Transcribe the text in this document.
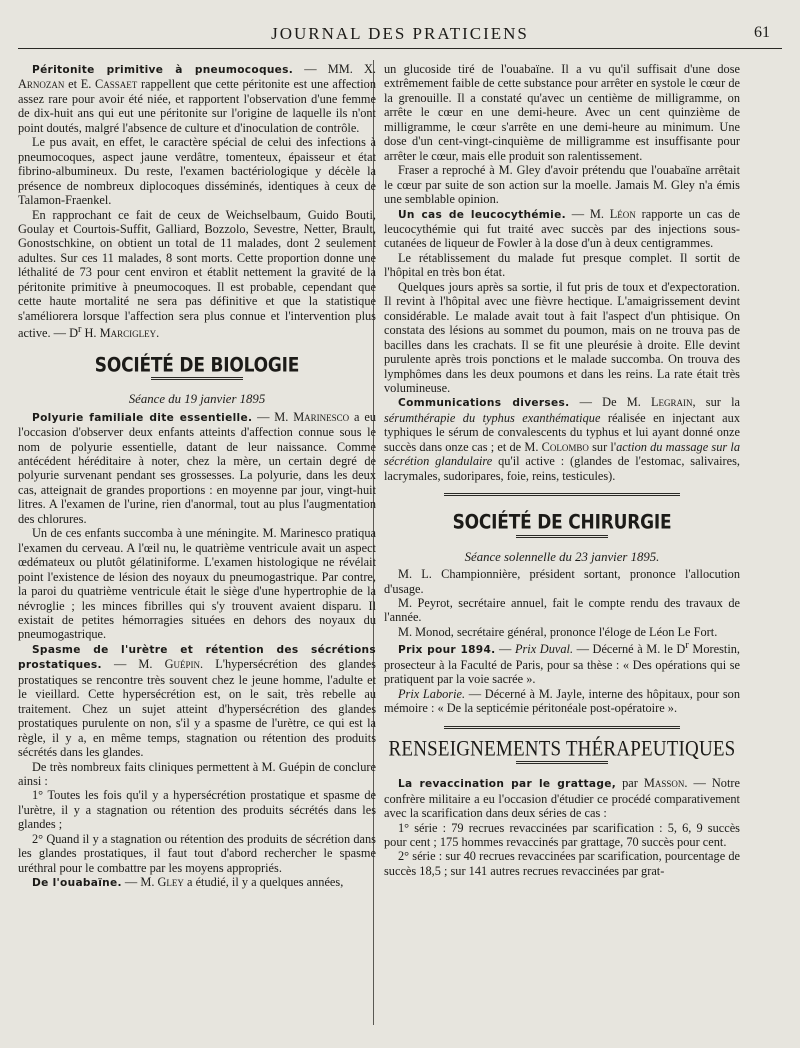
JOURNAL DES PRATICIENS	61

Péritonite primitive à pneumocoques. — MM. X. Arnozan et E. Cassaet rappellent que cette péritonite est une affection assez rare pour avoir été niée, et rapportent l'observation d'une femme de dix-huit ans qui eut une péritonite sur l'origine de laquelle ils n'ont point doutés, malgré l'absence de culture et d'inoculation de contrôle.

Le pus avait, en effet, le caractère spécial de celui des infections à pneumocoques, aspect jaune verdâtre, tomenteux, épaisseur et état fibrino-albumineux. Du reste, l'examen bactériologique y décèle la présence de nombreux diplocoques disséminés, identiques à ceux de Talamon-Fraenkel.

En rapprochant ce fait de ceux de Weichselbaum, Guido Bouti, Goulay et Courtois-Suffit, Galliard, Bozzolo, Sevestre, Netter, Brault, Gonostschkine, on obtient un total de 11 malades, dont 2 seulement adultes. Sur ces 11 malades, 8 sont morts. Cette proportion donne une léthalité de 73 pour cent environ et établit nettement la gravité de la péritonite primitive à pneumocoques. Il est probable, cependant que cette haute mortalité ne sera pas définitive et que la statistique s'améliorera lorsque l'affection sera plus connue et l'intervention plus active. — $D^r$ H. Marcigley.

SOCIÉTÉ DE BIOLOGIE
Séance du 19 janvier 1895

Polyurie familiale dite essentielle. — M. Marinesco a eu l'occasion d'observer deux enfants atteints d'affection connue sous le nom de polyurie essentielle, datant de leur naissance. Comme antécédent héréditaire à noter, chez la mère, un certain degré de polyurie survenant pendant ses grossesses. La polyurie, dans les deux cas, atteignait de grandes proportions : en moyenne par jour, vingt-huit litres. A l'examen de l'urine, rien d'anormal, tout au plus l'augmentation des chlorures.

Un de ces enfants succomba à une méningite. M. Marinesco pratiqua l'examen du cerveau. A l'œil nu, le quatrième ventricule avait un aspect œdémateux ou plutôt gélatiniforme. L'examen histologique ne révélait point l'existence de lésion des noyaux du pneumogastrique. Par contre, la paroi du quatrième ventricule était le siège d'une hypertrophie de la névroglie ; les minces fibrilles qui s'y trouvent avaient disparu. Il existait de petites hémorragies situées en dehors des noyaux du pneumogastrique.

Spasme de l'urètre et rétention des sécrétions prostatiques. — M. Guépin. L'hypersécrétion des glandes prostatiques se rencontre très souvent chez le jeune homme, l'adulte et le vieillard. Cette hypersécrétion est, on le sait, très rebelle au traitement. Chez un sujet atteint d'hypersécrétion des glandes prostatiques purulente on non, s'il y a spasme de l'urètre, ce qui est la règle, il y a, en même temps, stagnation ou rétention des produits sécrétés dans les glandes.

De très nombreux faits cliniques permettent à M. Guépin de conclure ainsi :

1° Toutes les fois qu'il y a hypersécrétion prostatique et spasme de l'urètre, il y a stagnation ou rétention des produits sécrétés dans les glandes ;

2° Quand il y a stagnation ou rétention des produits de sécrétion dans les glandes prostatiques, il faut tout d'abord rechercher le spasme uréthral pour le combattre par les moyens appropriés.

De l'ouabaïne. — M. Gley a étudié, il y a quelques années,

un glucoside tiré de l'ouabaïne. Il a vu qu'il suffisait d'une dose extrêmement faible de cette substance pour arrêter en systole le cœur de la grenouille. Il a constaté qu'avec un centième de milligramme, on arrête le cœur en une demi-heure. Avec un cent quinzième de milligramme, le cœur s'arrête en une demi-heure au minimum. Une dose d'un cent-vingt-cinquième de milligramme est insuffisante pour arrêter le cœur, mais elle produit son ralentissement.

Fraser a reproché à M. Gley d'avoir prétendu que l'ouabaïne arrêtait le cœur par suite de son action sur la moelle. Jamais M. Gley n'a émis une semblable opinion.

Un cas de leucocythémie. — M. Léon rapporte un cas de leucocythémie qui fut traité avec succès par des injections sous-cutanées de liqueur de Fowler à la dose d'un à deux centigrammes.

Le rétablissement du malade fut presque complet. Il sortit de l'hôpital en très bon état.

Quelques jours après sa sortie, il fut pris de toux et d'expectoration. Il revint à l'hôpital avec une fièvre hectique. L'amaigrissement devint considérable. Le malade avait tout à fait l'aspect d'un phtisique. On constata des lésions au sommet du poumon, mais on ne trouva pas de bacilles dans les crachats. Il se fit une pleurésie à droite. Elle devint purulente après trois ponctions et le malade succomba. On trouva des lymphômes dans les deux poumons et dans les reins. La rate était très volumineuse.

Communications diverses. — De M. Legrain, sur la sérumthérapie du typhus exanthématique réalisée en injectant aux typhiques le sérum de convalescents du typhus et lui ayant donné onze succès dans onze cas ; et de M. Colombo sur l'action du massage sur la sécrétion glandulaire qu'il active : (glandes de l'estomac, salivaires, lacrymales, sudoripares, foie, reins, testicules).

SOCIÉTÉ DE CHIRURGIE
Séance solennelle du 23 janvier 1895.

M. L. Championnière, président sortant, prononce l'allocution d'usage.

M. Peyrot, secrétaire annuel, fait le compte rendu des travaux de l'année.

M. Monod, secrétaire général, prononce l'éloge de Léon Le Fort.

Prix pour 1894. — Prix Duval. — Décerné à M. le $D^r$ Morestin, prosecteur à la Faculté de Paris, pour sa thèse : « Des opérations qui se pratiquent par la voie sacrée ».

Prix Laborie. — Décerné à M. Jayle, interne des hôpitaux, pour son mémoire : « De la septicémie péritonéale post-opératoire ».

RENSEIGNEMENTS THÉRAPEUTIQUES

La revaccination par le grattage, par Masson. — Notre confrère militaire a eu l'occasion d'étudier ce procédé comparativement avec la scarification dans deux séries de cas :

1° série : 79 recrues revaccinées par scarification : 5, 6, 9 succès pour cent ; 175 hommes revaccinés par grattage, 70 succès pour cent.

2° série : sur 40 recrues revaccinées par scarification, pourcentage de succès 18,5 ; sur 141 autres recrues revaccinées par grat-
